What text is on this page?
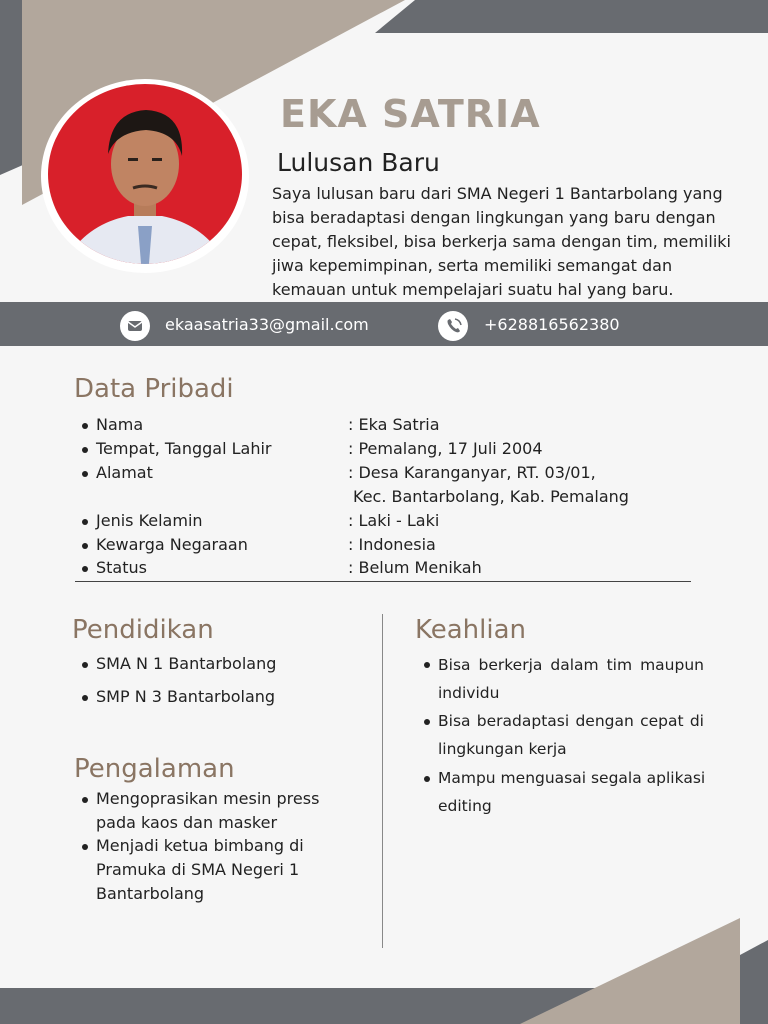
EKA SATRIA
Lulusan Baru
Saya lulusan baru dari SMA Negeri 1 Bantarbolang yang
bisa beradaptasi dengan lingkungan yang baru dengan
cepat, fleksibel, bisa berkerja sama dengan tim, memiliki
jiwa kepemimpinan, serta memiliki semangat dan
kemauan untuk mempelajari suatu hal yang baru.
ekaasatria33@gmail.com	+628816562380
Data Pribadi
Nama	: Eka Satria
Tempat, Tanggal Lahir	: Pemalang, 17 Juli 2004
Alamat	: Desa Karanganyar, RT. 03/01,
Kec. Bantarbolang, Kab. Pemalang
Jenis Kelamin	: Laki - Laki
Kewarga Negaraan	: Indonesia
Status	: Belum Menikah
Pendidikan
SMA N 1 Bantarbolang
SMP N 3 Bantarbolang
Pengalaman
Mengoprasikan mesin press
pada kaos dan masker
Menjadi ketua bimbang di
Pramuka di SMA Negeri 1
Bantarbolang
Keahlian
Bisa berkerja dalam tim maupun
individu
Bisa beradaptasi dengan cepat di
lingkungan kerja
Mampu menguasai segala aplikasi
editing
